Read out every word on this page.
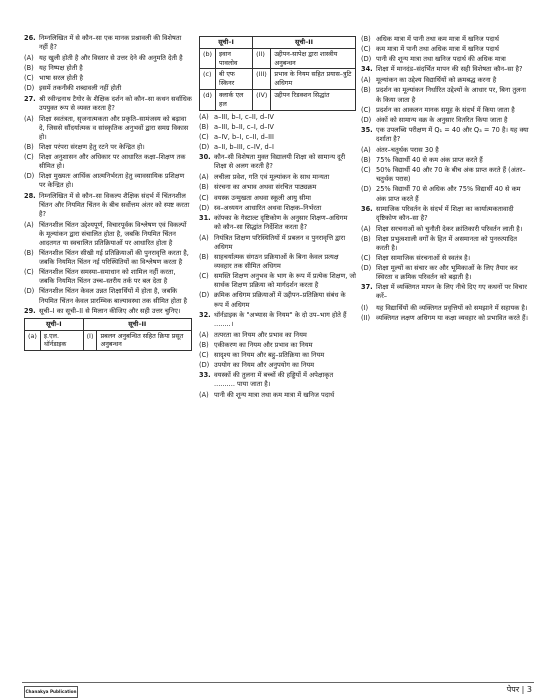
26. निम्नलिखित में से कौन–सा एक मानक प्रश्नावली की विशेषता नहीं है?
(A) यह खुली होती है और विस्तार से उत्तर देने की अनुमति देती है
(B) यह निष्पक्ष होती है
(C) भाषा सरल होती है
(D) इसमें तकनीकी शब्दावली नहीं होती
27. श्री रवीन्द्रनाथ टैगोर के शैक्षिक दर्शन को कौन–सा कथन सर्वाधिक उपयुक्त रूप से व्यक्त करता है?
(A) शिक्षा स्वतंत्रता, सृजनात्मकता और प्रकृति–सामंजस्य को बढ़ावा दे, जिससे सौंदर्यात्मक व सांस्कृतिक अनुभवों द्वारा समग्र विकास हो।
(B) शिक्षा परंपरा संरक्षण हेतु रटने पर केन्द्रित हो।
(C) शिक्षा अनुशासन और अधिकार पर आधारित कक्षा–शिक्षण तक सीमित हो।
(D) शिक्षा मुख्यतः आर्थिक आत्मनिर्भरता हेतु व्यावसायिक प्रशिक्षण पर केन्द्रित हो।
28. निम्नलिखित में से कौन–सा विकल्प शैक्षिक संदर्भ में चिंतनशील चिंतन और नियमित चिंतन के बीच सर्वोत्तम अंतर को स्पष्ट करता है?
(A) चिंतनशील चिंतन उद्देश्यपूर्ण, विचारपूर्वक विश्लेषण एवं विकल्पों के मूल्यांकन द्वारा संचालित होता है, जबकि नियमित चिंतन आदतगत या स्वचालित प्रतिक्रियाओं पर आधारित होता है
(B) चिंतनशील चिंतन सीखी गई प्रतिक्रियाओं की पुनरावृत्ति करता है, जबकि नियमित चिंतन नई परिस्थितियों का विश्लेषण करता है
(C) चिंतनशील चिंतन समस्या–समाधान को शामिल नहीं करता, जबकि नियमित चिंतन उच्च–स्तरीय तर्क पर बल देता है
(D) चिंतनशील चिंतन केवल उन्नत शिक्षार्थियों में होता है, जबकि नियमित चिंतन केवल प्रारम्भिक बाल्यावस्था तक सीमित होता है
29. सूची–I का सूची–II से मिलान कीजिए और सही उत्तर चुनिए।
सूची–I		सूची–II	
(a)	इ.एल. थॉर्नडाइक	(I)	प्रबलन अनुबन्धित सहित क्रिया प्रसूत अनुबन्धन
सूची–I		सूची–II	
(b)	इवान पावलोव	(II)	उद्दीपन-सापेक्ष द्वारा शास्त्रीय अनुबन्धन
(c)	बी एफ स्किनर	(III)	प्रभाव के नियम सहित प्रयास–त्रुटि अधिगम
(d)	क्लार्क एल हल	(IV)	उद्दीपन रिडक्शन सिद्धांत
(A) a–III, b–I, c–II, d–IV
(B) a–III, b–II, c–I, d–IV
(C) a–IV, b–I, c–II, d–III
(D) a–II, b–III, c–IV, d–I
30. कौन–सी विशेषता मुक्त विद्यालयी शिक्षा को सामान्य दूरी शिक्षा से अलग करती है?
(A) लचीला प्रवेश, गति एवं मूल्यांकन के साथ मान्यता
(B) संरचना का अभाव अथवा संरचित पाठ्यक्रम
(C) वयस्क उन्मुखता अथवा स्कूली आयु सीमा
(D) स्व–अध्ययन आधारित अथवा शिक्षक–निर्भरता
31. कॉफ्का के गेस्टाल्ट दृष्टिकोण के अनुसार शिक्षण–अधिगम को कौन–सा सिद्धांत निर्देशित करता है?
(A) नियंत्रित शिक्षण परिस्थितियों में प्रबलन व पुनरावृत्ति द्वारा अधिगम
(B) साहचर्यात्मक संगठन प्रक्रियाओं के बिना केवल प्रत्यक्ष व्यवहार तक सीमित अधिगम
(C) समस्ति शिक्षण अनुभव के भाग के रूप में प्रत्येक शिक्षण, जो सार्थक शिक्षण प्रक्रिया को मार्गदर्शन करता है
(D) क्रमिक अधिगम प्रक्रियाओं में उद्दीपन–प्रतिक्रिया संबंध के रूप में अधिगम
32. थॉर्नडाइक के "अभ्यास के नियम" के दो उप–भाग होते हैं ........।
(A) तत्परता का नियम और प्रभाव का नियम
(B) एकीकरण का नियम और प्रभाव का नियम
(C) सादृश्य का नियम और बहु–प्रतिक्रिया का नियम
(D) उपयोग का नियम और अनुपयोग का नियम
33. वयस्कों की तुलना में बच्चों की हड्डियों में अपेक्षाकृत .......... पाया जाता है।
(A) पानी की शून्य मात्रा तथा कम मात्रा में खनिज पदार्थ
(B) अधिक मात्रा में पानी तथा कम मात्रा में खनिज पदार्थ
(C) कम मात्रा में पानी तथा अधिक मात्रा में खनिज पदार्थ
(D) पानी की शून्य मात्रा तथा खनिज पदार्थ की अधिक मात्रा
34. शिक्षा में मानदंड–संदर्भित मापन की सही विशेषता कौन–सा है?
(A) मूल्यांकन का उद्देश्य विद्यार्थियों को क्रमबद्ध करना है
(B) प्रदर्शन का मूल्यांकन निर्धारित उद्देश्यों के आधार पर, बिना तुलना के किया जाता है
(C) प्रदर्शन का आकलन मानक समूह के संदर्भ में किया जाता है
(D) अंकों को सामान्य वक्र के अनुसार वितरित किया जाता है
35. एक उपलब्धि परीक्षण में Q₁ = 40 और Q₃ = 70 है। यह क्या दर्शाता है?
(A) अंतर–चतुर्थक परास 30 है
(B) 75% विद्यार्थी 40 से कम अंक प्राप्त करते हैं
(C) 50% विद्यार्थी 40 और 70 के बीच अंक प्राप्त करते हैं (अंतर–चतुर्थक परास)
(D) 25% विद्यार्थी 70 से अधिक और 75% विद्यार्थी 40 से कम अंक प्राप्त करते हैं
36. सामाजिक परिवर्तन के संदर्भ में शिक्षा का कार्यात्मकतावादी दृष्टिकोण कौन–सा है?
(A) शिक्षा सरचनाओं को चुनौती देकर क्रांतिकारी परिवर्तन लाती है।
(B) शिक्षा प्रभुत्वशाली वर्गों के हित में असमानता को पुनरुत्पादित करती है।
(C) शिक्षा सामाजिक संरचनाओं से स्वतंत्र है।
(D) शिक्षा मूल्यों का संचार कर और भूमिकाओं के लिए तैयार कर स्थिरता व क्रमिक परिवर्तन को बढ़ाती है।
37. शिक्षा में व्यक्तिगत मापन के लिए नीचे दिए गए कथनों पर विचार करें–
(I) यह विद्यार्थियों की व्यक्तिगत प्रवृत्तियों को समझाने में सहायक है।
(II) व्यक्तिगत लक्षण अधिगम या कक्षा व्यवहार को प्रभावित करते हैं।
Chanakya Publication	पेपर | 3
